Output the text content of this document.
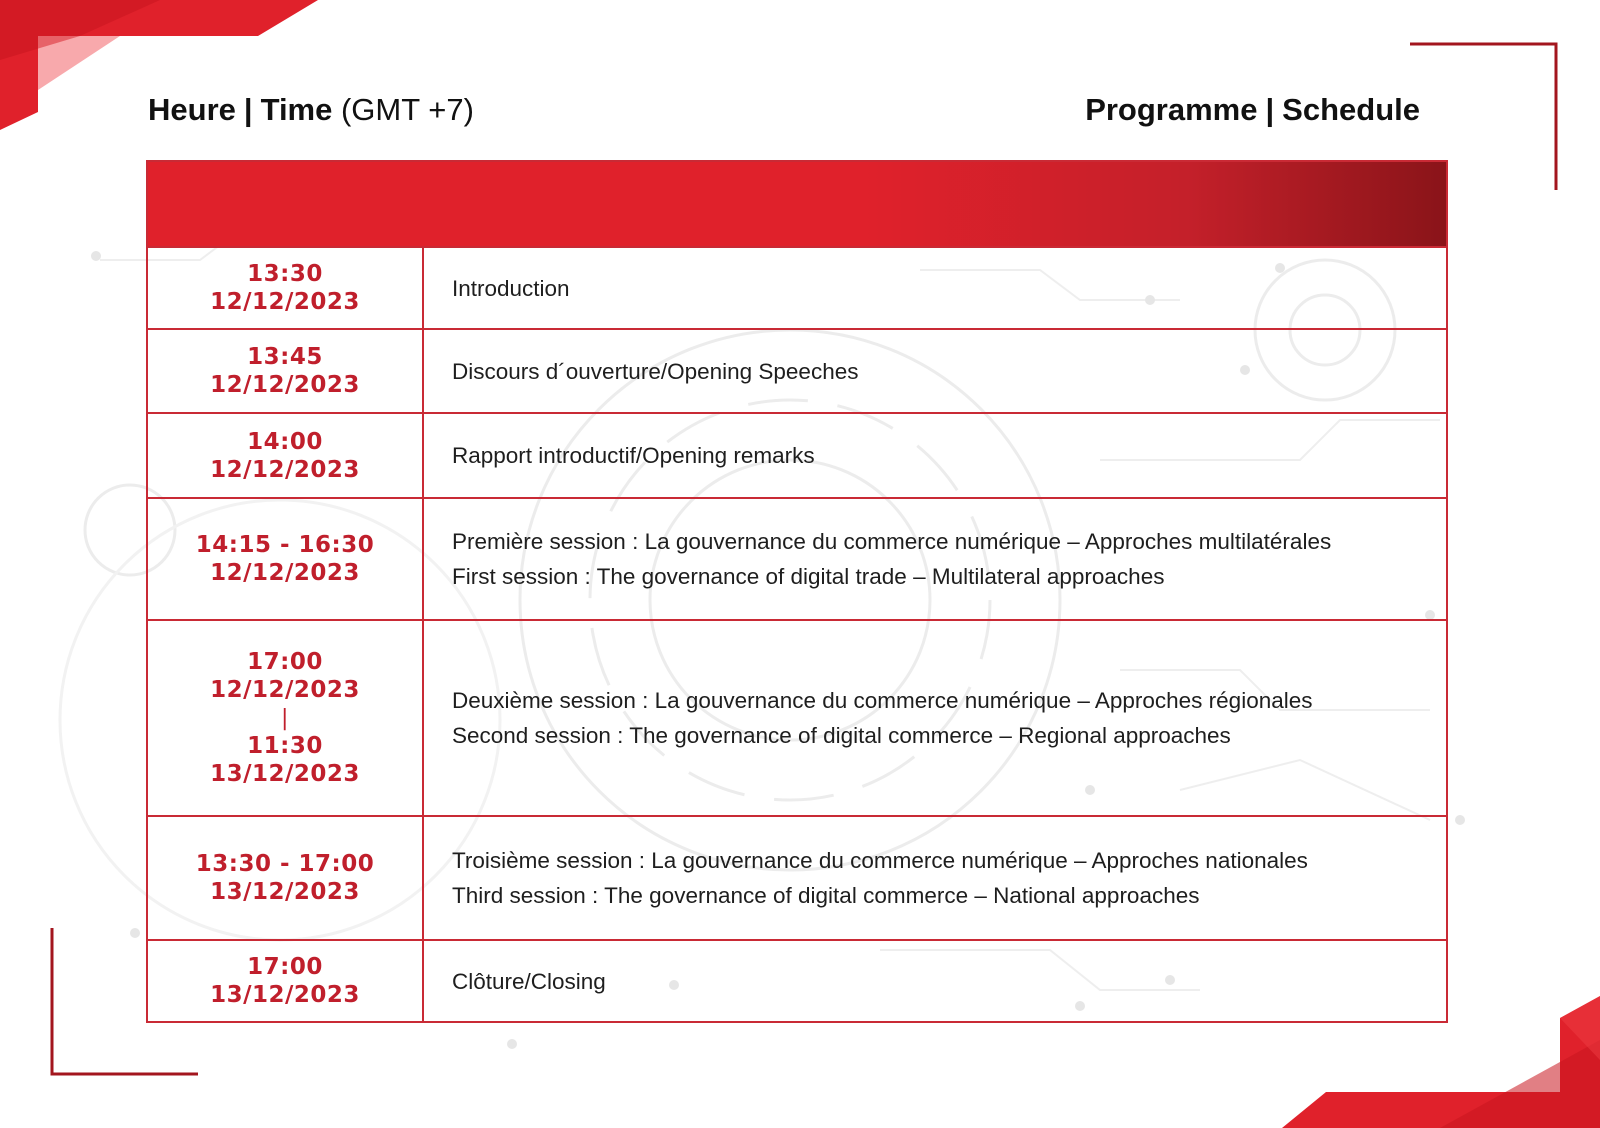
Heure | Time (GMT +7)	Programme | Schedule
13:30
12/12/2023
Introduction
13:45
12/12/2023
Discours d´ouverture/Opening Speeches
14:00
12/12/2023
Rapport introductif/Opening remarks
14:15 - 16:30
12/12/2023
Première session : La gouvernance du commerce numérique – Approches multilatérales
First session : The governance of digital trade – Multilateral approaches
17:00
12/12/2023
|
11:30
13/12/2023
Deuxième session : La gouvernance du commerce numérique – Approches régionales
Second session : The governance of digital commerce – Regional approaches
13:30 - 17:00
13/12/2023
Troisième session : La gouvernance du commerce numérique – Approches nationales
Third session : The governance of digital commerce – National approaches
17:00
13/12/2023
Clôture/Closing
